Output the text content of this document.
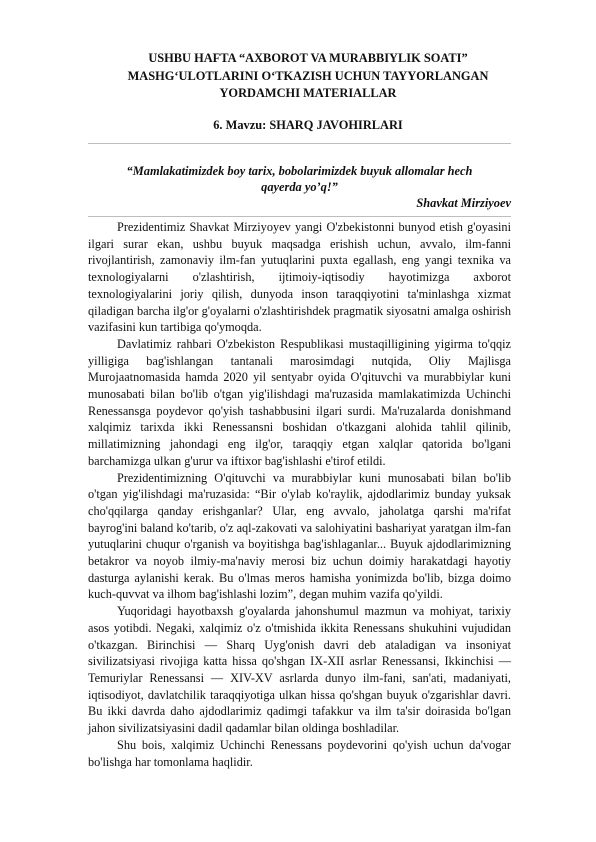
USHBU HAFTA “AXBOROT VA MURABBIYLIK SOATI”
MASHG‘ULOTLARINI O‘TKAZISH UCHUN TAYYORLANGAN
YORDAMCHI MATERIALLAR
6. Mavzu: SHARQ JAVOHIRLARI
“Mamlakatimizdek boy tarix, bobolarimizdek buyuk allomalar hech qayerda yo’q!”
Shavkat Mirziyoev

Prezidentimiz Shavkat Mirziyoyev yangi O'zbekistonni bunyod etish g'oyasini ilgari surar ekan, ushbu buyuk maqsadga erishish uchun, avvalo, ilm-fanni rivojlantirish, zamonaviy ilm-fan yutuqlarini puxta egallash, eng yangi texnika va texnologiyalarni o'zlashtirish, ijtimoiy-iqtisodiy hayotimizga axborot texnologiyalarini joriy qilish, dunyoda inson taraqqiyotini ta'minlashga xizmat qiladigan barcha ilg'or g'oyalarni o'zlashtirishdek pragmatik siyosatni amalga oshirish vazifasini kun tartibiga qo'ymoqda.

Davlatimiz rahbari O'zbekiston Respublikasi mustaqilligining yigirma to'qqiz yilligiga bag'ishlangan tantanali marosimdagi nutqida, Oliy Majlisga Murojaatnomasida hamda 2020 yil sentyabr oyida O'qituvchi va murabbiylar kuni munosabati bilan bo'lib o'tgan yig'ilishdagi ma'ruzasida mamlakatimizda Uchinchi Renessansga poydevor qo'yish tashabbusini ilgari surdi. Ma'ruzalarda donishmand xalqimiz tarixda ikki Renessansni boshidan o'tkazgani alohida tahlil qilinib, millatimizning jahondagi eng ilg'or, taraqqiy etgan xalqlar qatorida bo'lgani barchamizga ulkan g'urur va iftixor bag'ishlashi e'tirof etildi.

Prezidentimizning O'qituvchi va murabbiylar kuni munosabati bilan bo'lib o'tgan yig'ilishdagi ma'ruzasida: “Bir o'ylab ko'raylik, ajdodlarimiz bunday yuksak cho'qqilarga qanday erishganlar? Ular, eng avvalo, jaholatga qarshi ma'rifat bayrog'ini baland ko'tarib, o'z aql-zakovati va salohiyatini bashariyat yaratgan ilm-fan yutuqlarini chuqur o'rganish va boyitishga bag'ishlaganlar... Buyuk ajdodlarimizning betakror va noyob ilmiy-ma'naviy merosi biz uchun doimiy harakatdagi hayotiy dasturga aylanishi kerak. Bu o'lmas meros hamisha yonimizda bo'lib, bizga doimo kuch-quvvat va ilhom bag'ishlashi lozim”, degan muhim vazifa qo'yildi.

Yuqoridagi hayotbaxsh g'oyalarda jahonshumul mazmun va mohiyat, tarixiy asos yotibdi. Negaki, xalqimiz o'z o'tmishida ikkita Renessans shukuhini vujudidan o'tkazgan. Birinchisi — Sharq Uyg'onish davri deb ataladigan va insoniyat sivilizatsiyasi rivojiga katta hissa qo'shgan IX-XII asrlar Renessansi, Ikkinchisi — Temuriylar Renessansi — XIV-XV asrlarda dunyo ilm-fani, san'ati, madaniyati, iqtisodiyot, davlatchilik taraqqiyotiga ulkan hissa qo'shgan buyuk o'zgarishlar davri. Bu ikki davrda daho ajdodlarimiz qadimgi tafakkur va ilm ta'sir doirasida bo'lgan jahon sivilizatsiyasini dadil qadamlar bilan oldinga boshladilar.

Shu bois, xalqimiz Uchinchi Renessans poydevorini qo'yish uchun da'vogar bo'lishga har tomonlama haqlidir.
